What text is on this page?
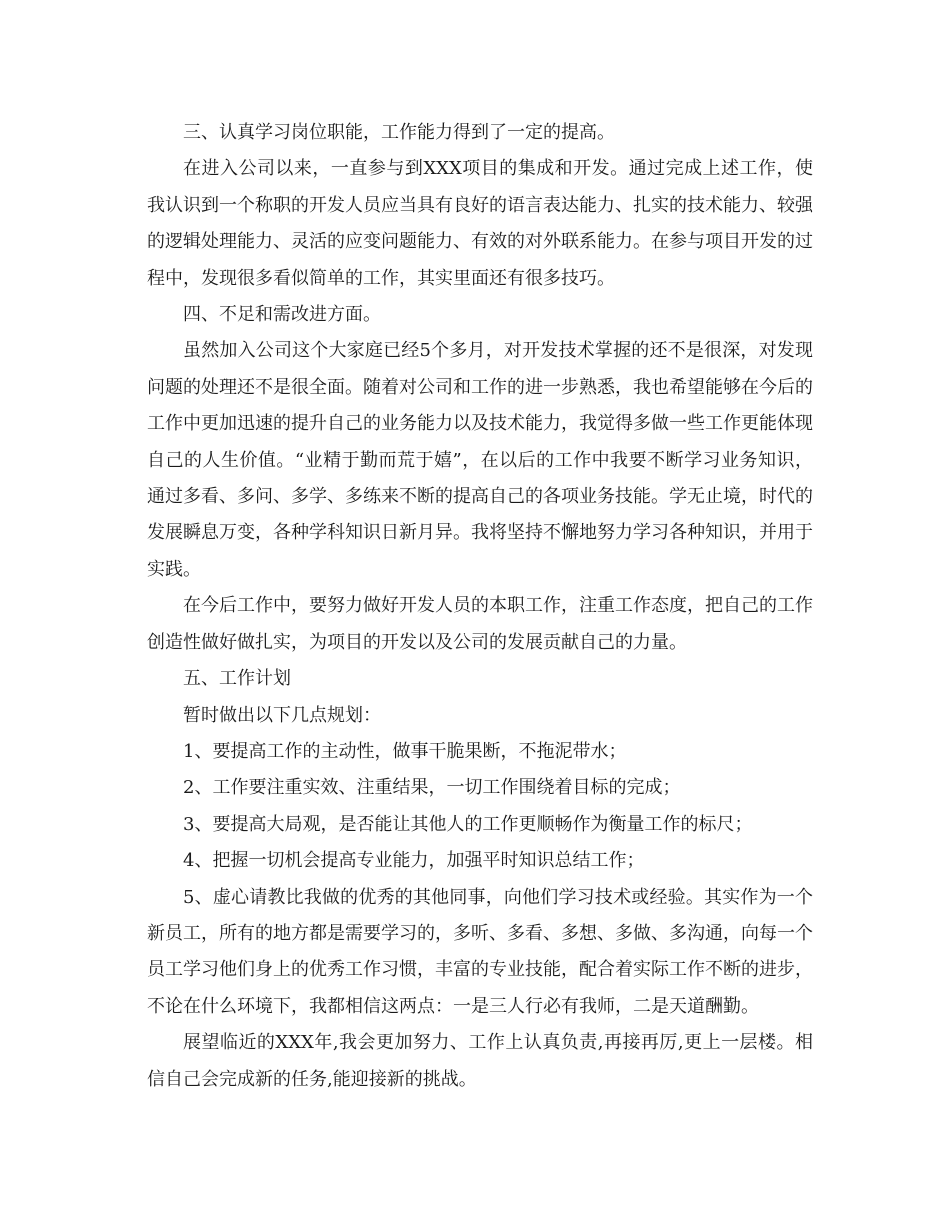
三、认真学习岗位职能，工作能力得到了一定的提高。

在进入公司以来，一直参与到XXX项目的集成和开发。通过完成上述工作，使我认识到一个称职的开发人员应当具有良好的语言表达能力、扎实的技术能力、较强的逻辑处理能力、灵活的应变问题能力、有效的对外联系能力。在参与项目开发的过程中，发现很多看似简单的工作，其实里面还有很多技巧。

四、不足和需改进方面。

虽然加入公司这个大家庭已经5个多月，对开发技术掌握的还不是很深，对发现问题的处理还不是很全面。随着对公司和工作的进一步熟悉，我也希望能够在今后的工作中更加迅速的提升自己的业务能力以及技术能力，我觉得多做一些工作更能体现自己的人生价值。“业精于勤而荒于嬉”，在以后的工作中我要不断学习业务知识，通过多看、多问、多学、多练来不断的提高自己的各项业务技能。学无止境，时代的发展瞬息万变，各种学科知识日新月异。我将坚持不懈地努力学习各种知识，并用于实践。

在今后工作中，要努力做好开发人员的本职工作，注重工作态度，把自己的工作创造性做好做扎实，为项目的开发以及公司的发展贡献自己的力量。

五、工作计划

暂时做出以下几点规划：

1、要提高工作的主动性，做事干脆果断，不拖泥带水；

2、工作要注重实效、注重结果，一切工作围绕着目标的完成；

3、要提高大局观，是否能让其他人的工作更顺畅作为衡量工作的标尺；

4、把握一切机会提高专业能力，加强平时知识总结工作；

5、虚心请教比我做的优秀的其他同事，向他们学习技术或经验。其实作为一个新员工，所有的地方都是需要学习的，多听、多看、多想、多做、多沟通，向每一个员工学习他们身上的优秀工作习惯，丰富的专业技能，配合着实际工作不断的进步，不论在什么环境下，我都相信这两点：一是三人行必有我师，二是天道酬勤。

展望临近的XXX年,我会更加努力、工作上认真负责,再接再厉,更上一层楼。相信自己会完成新的任务,能迎接新的挑战。
